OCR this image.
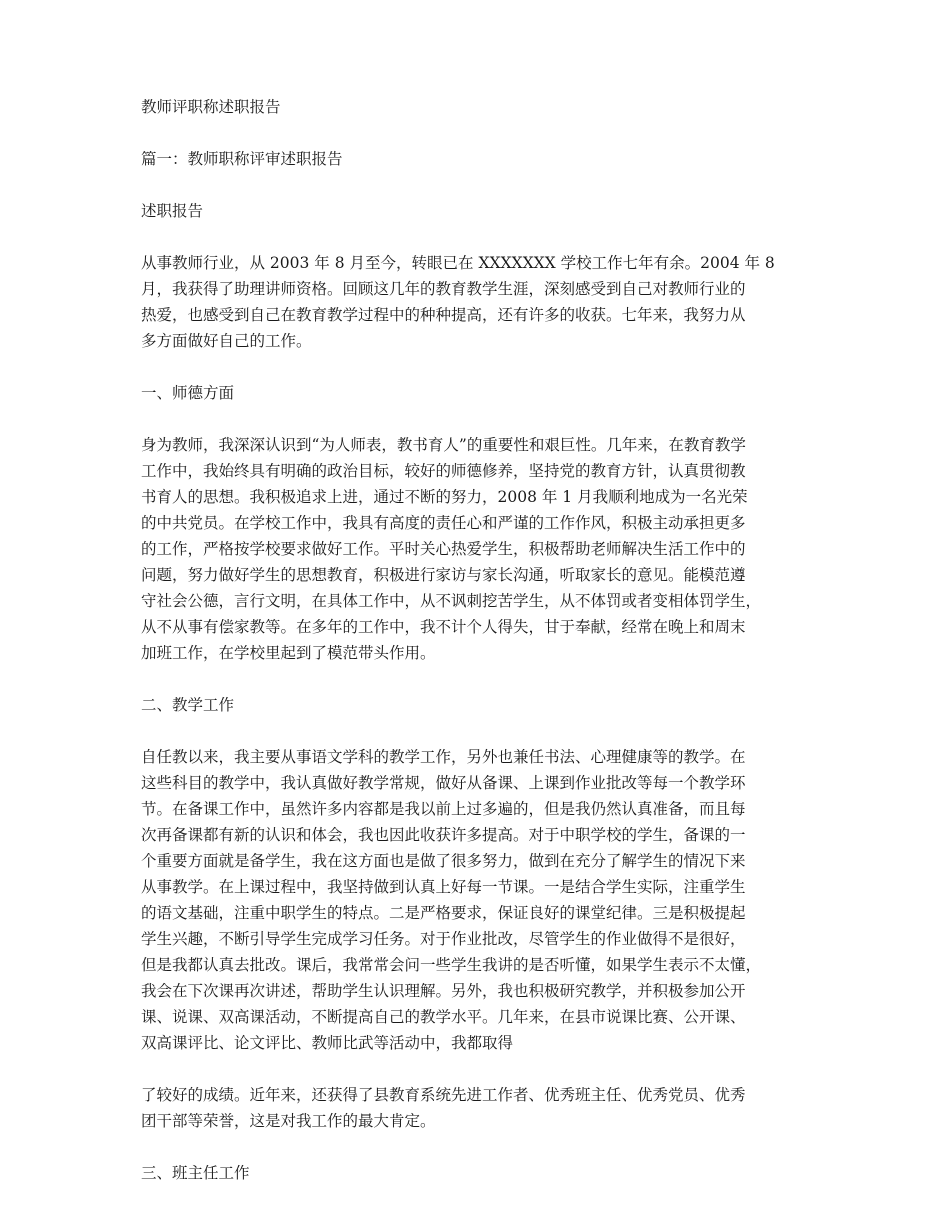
教师评职称述职报告

篇一：教师职称评审述职报告

述职报告

从事教师行业，从 2003 年 8 月至今，转眼已在 XXXXXXX 学校工作七年有余。2004 年 8
月，我获得了助理讲师资格。回顾这几年的教育教学生涯，深刻感受到自己对教师行业的
热爱，也感受到自己在教育教学过程中的种种提高，还有许多的收获。七年来，我努力从
多方面做好自己的工作。

一、师德方面

身为教师，我深深认识到“为人师表，教书育人”的重要性和艰巨性。几年来，在教育教学
工作中，我始终具有明确的政治目标，较好的师德修养，坚持党的教育方针，认真贯彻教
书育人的思想。我积极追求上进，通过不断的努力，2008 年 1 月我顺利地成为一名光荣
的中共党员。在学校工作中，我具有高度的责任心和严谨的工作作风，积极主动承担更多
的工作，严格按学校要求做好工作。平时关心热爱学生，积极帮助老师解决生活工作中的
问题，努力做好学生的思想教育，积极进行家访与家长沟通，听取家长的意见。能模范遵
守社会公德，言行文明，在具体工作中，从不讽刺挖苦学生，从不体罚或者变相体罚学生，
从不从事有偿家教等。在多年的工作中，我不计个人得失，甘于奉献，经常在晚上和周末
加班工作，在学校里起到了模范带头作用。

二、教学工作

自任教以来，我主要从事语文学科的教学工作，另外也兼任书法、心理健康等的教学。在
这些科目的教学中，我认真做好教学常规，做好从备课、上课到作业批改等每一个教学环
节。在备课工作中，虽然许多内容都是我以前上过多遍的，但是我仍然认真准备，而且每
次再备课都有新的认识和体会，我也因此收获许多提高。对于中职学校的学生，备课的一
个重要方面就是备学生，我在这方面也是做了很多努力，做到在充分了解学生的情况下来
从事教学。在上课过程中，我坚持做到认真上好每一节课。一是结合学生实际，注重学生
的语文基础，注重中职学生的特点。二是严格要求，保证良好的课堂纪律。三是积极提起
学生兴趣，不断引导学生完成学习任务。对于作业批改，尽管学生的作业做得不是很好，
但是我都认真去批改。课后，我常常会问一些学生我讲的是否听懂，如果学生表示不太懂，
我会在下次课再次讲述，帮助学生认识理解。另外，我也积极研究教学，并积极参加公开
课、说课、双高课活动，不断提高自己的教学水平。几年来，在县市说课比赛、公开课、
双高课评比、论文评比、教师比武等活动中，我都取得
了较好的成绩。近年来，还获得了县教育系统先进工作者、优秀班主任、优秀党员、优秀
团干部等荣誉，这是对我工作的最大肯定。

三、班主任工作
